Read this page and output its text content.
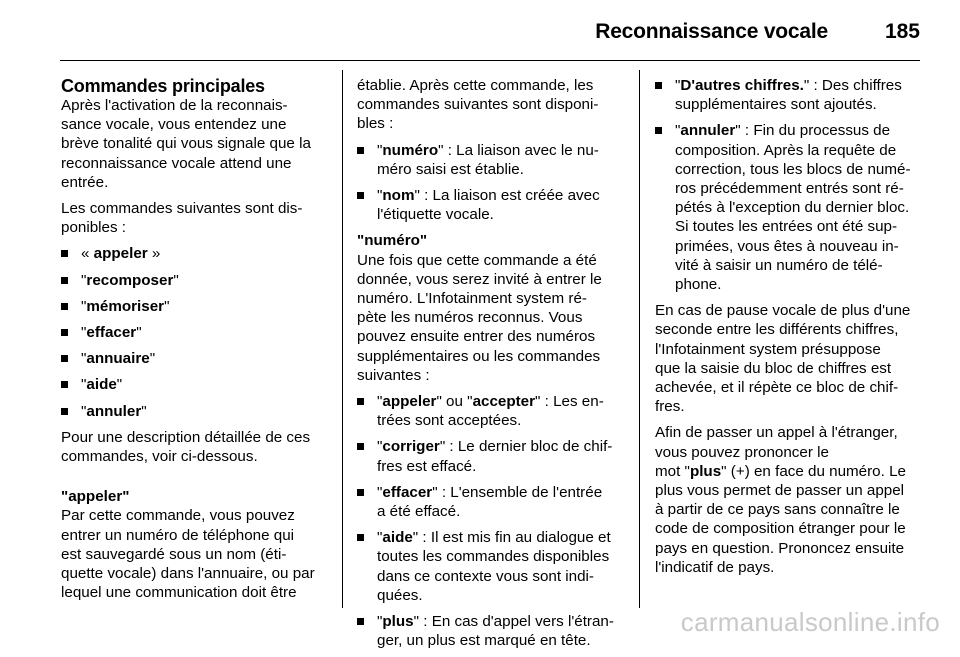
Reconnaissance vocale	185
Commandes principales
Après l'activation de la reconnais-
sance vocale, vous entendez une
brève tonalité qui vous signale que la
reconnaissance vocale attend une
entrée.
Les commandes suivantes sont dis-
ponibles :
« appeler »
"recomposer"
"mémoriser"
"effacer"
"annuaire"
"aide"
"annuler"
Pour une description détaillée de ces
commandes, voir ci-dessous.
"appeler"
Par cette commande, vous pouvez
entrer un numéro de téléphone qui
est sauvegardé sous un nom (éti-
quette vocale) dans l'annuaire, ou par
lequel une communication doit être
établie. Après cette commande, les
commandes suivantes sont disponi-
bles :
"numéro" : La liaison avec le nu-
méro saisi est établie.
"nom" : La liaison est créée avec
l'étiquette vocale.
"numéro"
Une fois que cette commande a été
donnée, vous serez invité à entrer le
numéro. L'Infotainment system ré-
pète les numéros reconnus. Vous
pouvez ensuite entrer des numéros
supplémentaires ou les commandes
suivantes :
"appeler" ou "accepter" : Les en-
trées sont acceptées.
"corriger" : Le dernier bloc de chif-
fres est effacé.
"effacer" : L'ensemble de l'entrée
a été effacé.
"aide" : Il est mis fin au dialogue et
toutes les commandes disponibles
dans ce contexte vous sont indi-
quées.
"plus" : En cas d'appel vers l'étran-
ger, un plus est marqué en tête.
"D'autres chiffres." : Des chiffres
supplémentaires sont ajoutés.
"annuler" : Fin du processus de
composition. Après la requête de
correction, tous les blocs de numé-
ros précédemment entrés sont ré-
pétés à l'exception du dernier bloc.
Si toutes les entrées ont été sup-
primées, vous êtes à nouveau in-
vité à saisir un numéro de télé-
phone.
En cas de pause vocale de plus d'une
seconde entre les différents chiffres,
l'Infotainment system présuppose
que la saisie du bloc de chiffres est
achevée, et il répète ce bloc de chif-
fres.
Afin de passer un appel à l'étranger,
vous pouvez prononcer le
mot "plus" (+) en face du numéro. Le
plus vous permet de passer un appel
à partir de ce pays sans connaître le
code de composition étranger pour le
pays en question. Prononcez ensuite
l'indicatif de pays.
carmanualsonline.info
